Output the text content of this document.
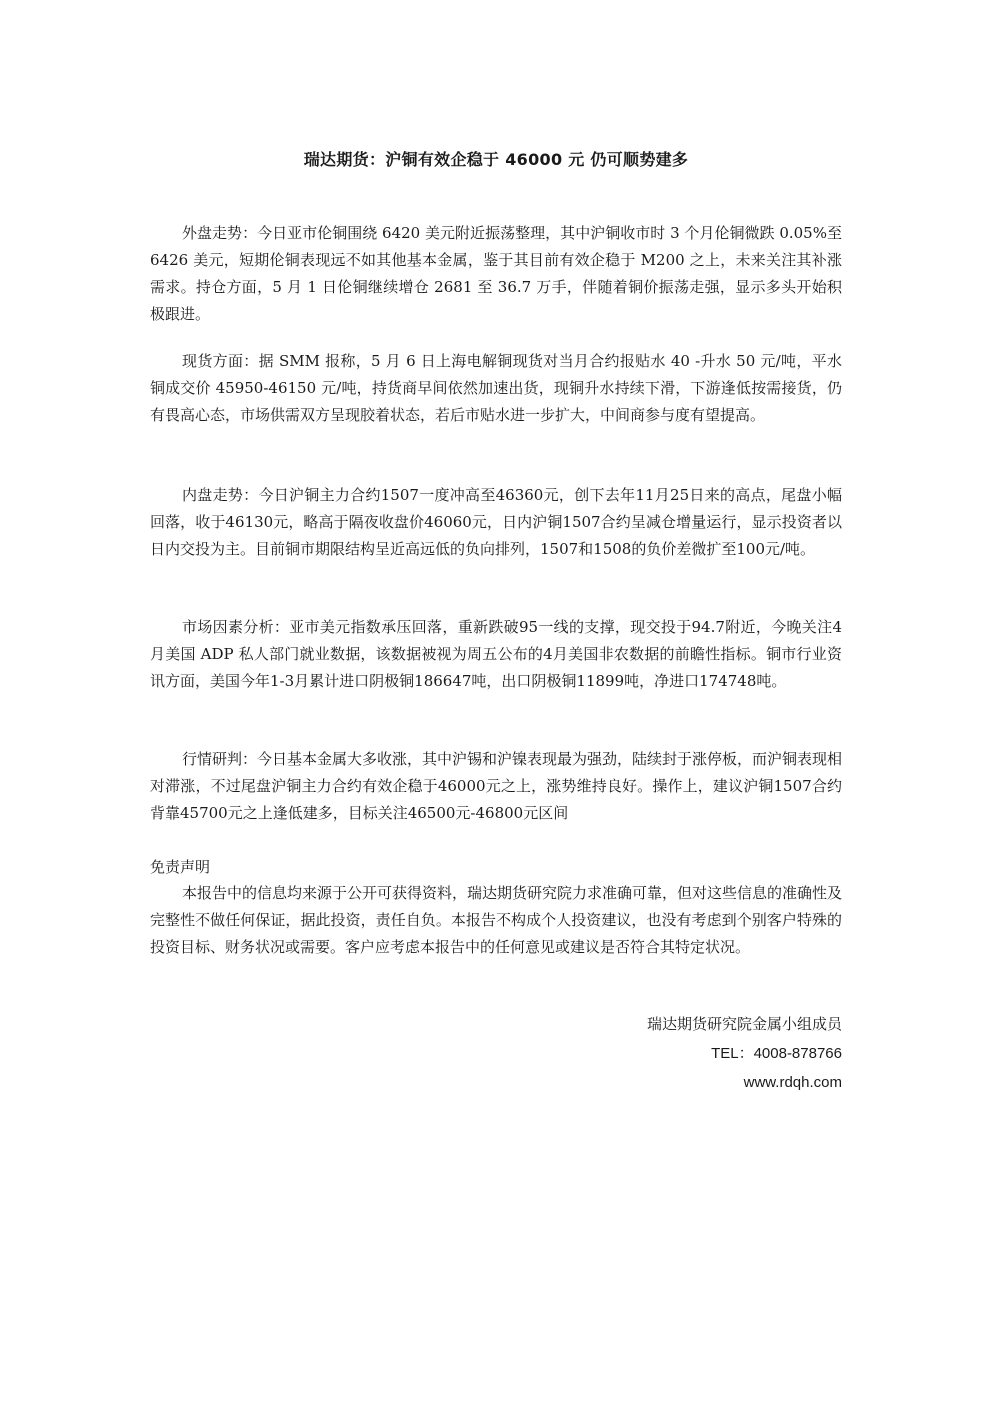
瑞达期货：沪铜有效企稳于 46000 元 仍可顺势建多
外盘走势：今日亚市伦铜围绕 6420 美元附近振荡整理，其中沪铜收市时 3 个月伦铜微跌 0.05%至 6426 美元，短期伦铜表现远不如其他基本金属，鉴于其目前有效企稳于 M200 之上，未来关注其补涨需求。持仓方面，5 月 1 日伦铜继续增仓 2681 至 36.7 万手，伴随着铜价振荡走强，显示多头开始积极跟进。
现货方面：据 SMM 报称，5 月 6 日上海电解铜现货对当月合约报贴水 40 -升水 50 元/吨，平水铜成交价 45950-46150 元/吨，持货商早间依然加速出货，现铜升水持续下滑，下游逢低按需接货，仍有畏高心态，市场供需双方呈现胶着状态，若后市贴水进一步扩大，中间商参与度有望提高。
内盘走势：今日沪铜主力合约1507一度冲高至46360元，创下去年11月25日来的高点，尾盘小幅回落，收于46130元，略高于隔夜收盘价46060元，日内沪铜1507合约呈减仓增量运行，显示投资者以日内交投为主。目前铜市期限结构呈近高远低的负向排列，1507和1508的负价差微扩至100元/吨。
市场因素分析：亚市美元指数承压回落，重新跌破95一线的支撑，现交投于94.7附近，今晚关注4月美国 ADP 私人部门就业数据，该数据被视为周五公布的4月美国非农数据的前瞻性指标。铜市行业资讯方面，美国今年1-3月累计进口阴极铜186647吨，出口阴极铜11899吨，净进口174748吨。
行情研判：今日基本金属大多收涨，其中沪锡和沪镍表现最为强劲，陆续封于涨停板，而沪铜表现相对滞涨，不过尾盘沪铜主力合约有效企稳于46000元之上，涨势维持良好。操作上，建议沪铜1507合约背靠45700元之上逢低建多，目标关注46500元-46800元区间
免责声明
本报告中的信息均来源于公开可获得资料，瑞达期货研究院力求准确可靠，但对这些信息的准确性及完整性不做任何保证，据此投资，责任自负。本报告不构成个人投资建议，也没有考虑到个别客户特殊的投资目标、财务状况或需要。客户应考虑本报告中的任何意见或建议是否符合其特定状况。
瑞达期货研究院金属小组成员
TEL：4008-878766
www.rdqh.com
